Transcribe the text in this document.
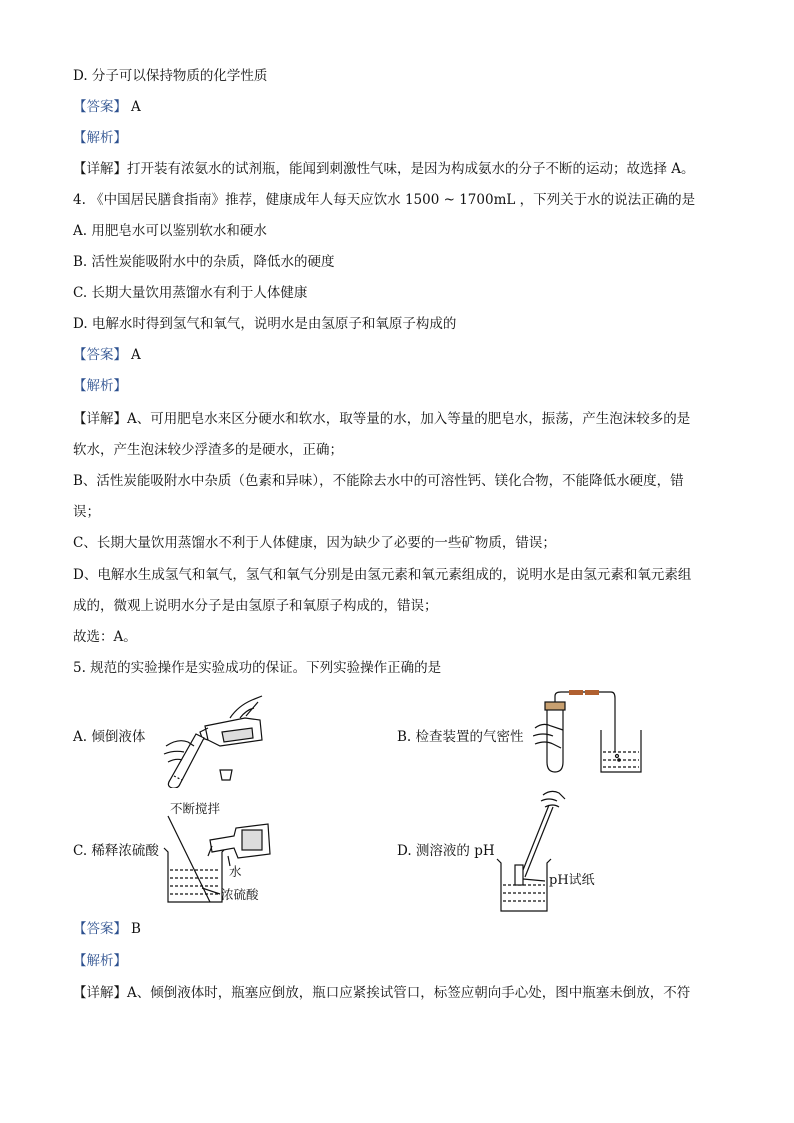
D. 分子可以保持物质的化学性质
【答案】 A
【解析】
【详解】打开装有浓氨水的试剂瓶，能闻到刺激性气味，是因为构成氨水的分子不断的运动；故选择 A。
4. 《中国居民膳食指南》推荐，健康成年人每天应饮水 1500 ~ 1700mL ，下列关于水的说法正确的是
A. 用肥皂水可以鉴别软水和硬水
B. 活性炭能吸附水中的杂质，降低水的硬度
C. 长期大量饮用蒸馏水有利于人体健康
D. 电解水时得到氢气和氧气，说明水是由氢原子和氧原子构成的
【答案】 A
【解析】
【详解】A、可用肥皂水来区分硬水和软水，取等量的水，加入等量的肥皂水，振荡，产生泡沫较多的是
软水，产生泡沫较少浮渣多的是硬水，正确；
B、活性炭能吸附水中杂质（色素和异味），不能除去水中的可溶性钙、镁化合物，不能降低水硬度，错
误；
C、长期大量饮用蒸馏水不利于人体健康，因为缺少了必要的一些矿物质，错误；
D、电解水生成氢气和氧气，氢气和氧气分别是由氢元素和氧元素组成的，说明水是由氢元素和氧元素组
成的，微观上说明水分子是由氢原子和氧原子构成的，错误；
故选：A。
5. 规范的实验操作是实验成功的保证。下列实验操作正确的是
A. 倾倒液体	B. 检查装置的气密性
C. 稀释浓硫酸	D. 测溶液的 pH
不断搅拌
水
浓硫酸
pH试纸
【答案】 B
【解析】
【详解】A、倾倒液体时，瓶塞应倒放，瓶口应紧挨试管口，标签应朝向手心处，图中瓶塞未倒放，不符
